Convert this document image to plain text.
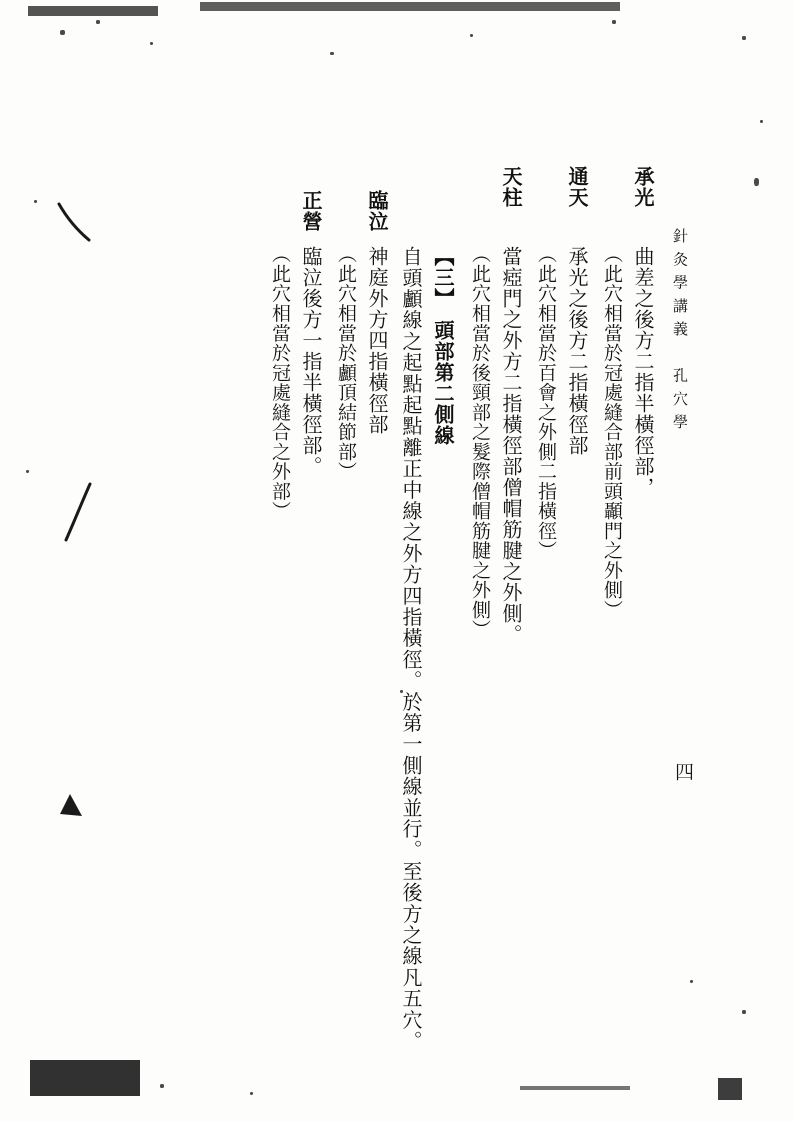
針灸學講義　孔穴學
四
承光
曲差之後方二指半橫徑部，
（此穴相當於冠處縫合部前頭顳門之外側）
通天
承光之後方二指橫徑部
（此穴相當於百會之外側二指橫徑）
天柱
當瘂門之外方二指橫徑部僧帽筋腱之外側。
（此穴相當於後頸部之髮際僧帽筋腱之外側）
【三】　頭部第二側線
自頭顱線之起點起點離正中線之外方四指橫徑。於第一側線並行。至後方之線凡五穴。
臨泣
神庭外方四指橫徑部
（此穴相當於顱頂結節部）
正營
臨泣後方一指半橫徑部。
（此穴相當於冠處縫合之外部）
